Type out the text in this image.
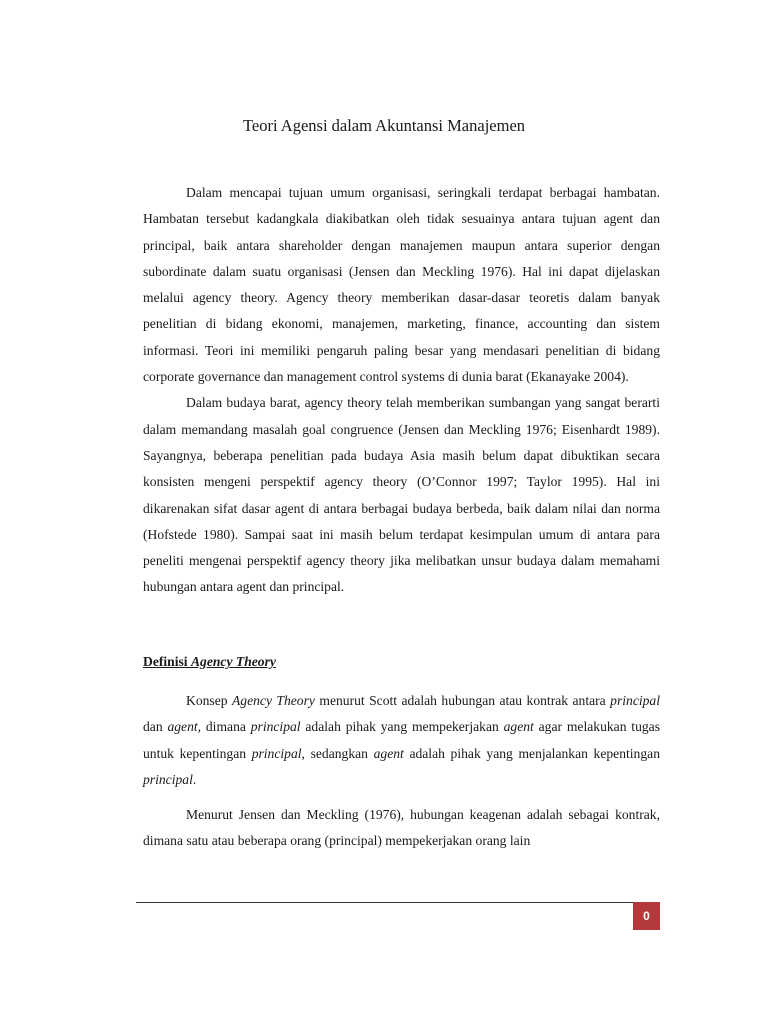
Teori Agensi dalam Akuntansi Manajemen

Dalam mencapai tujuan umum organisasi, seringkali terdapat berbagai hambatan. Hambatan tersebut kadangkala diakibatkan oleh tidak sesuainya antara tujuan agent dan principal, baik antara shareholder dengan manajemen maupun antara superior dengan subordinate dalam suatu organisasi (Jensen dan Meckling 1976). Hal ini dapat dijelaskan melalui agency theory. Agency theory memberikan dasar-dasar teoretis dalam banyak penelitian di bidang ekonomi, manajemen, marketing, finance, accounting dan sistem informasi. Teori ini memiliki pengaruh paling besar yang mendasari penelitian di bidang corporate governance dan management control systems di dunia barat (Ekanayake 2004).

Dalam budaya barat, agency theory telah memberikan sumbangan yang sangat berarti dalam memandang masalah goal congruence (Jensen dan Meckling 1976; Eisenhardt 1989). Sayangnya, beberapa penelitian pada budaya Asia masih belum dapat dibuktikan secara konsisten mengeni perspektif agency theory (O’Connor 1997; Taylor 1995). Hal ini dikarenakan sifat dasar agent di antara berbagai budaya berbeda, baik dalam nilai dan norma (Hofstede 1980). Sampai saat ini masih belum terdapat kesimpulan umum di antara para peneliti mengenai perspektif agency theory jika melibatkan unsur budaya dalam memahami hubungan antara agent dan principal.

Definisi Agency Theory

Konsep Agency Theory menurut Scott adalah hubungan atau kontrak antara principal dan agent, dimana principal adalah pihak yang mempekerjakan agent agar melakukan tugas untuk kepentingan principal, sedangkan agent adalah pihak yang menjalankan kepentingan principal.

Menurut Jensen dan Meckling (1976), hubungan keagenan adalah sebagai kontrak, dimana satu atau beberapa orang (principal) mempekerjakan orang lain

0
